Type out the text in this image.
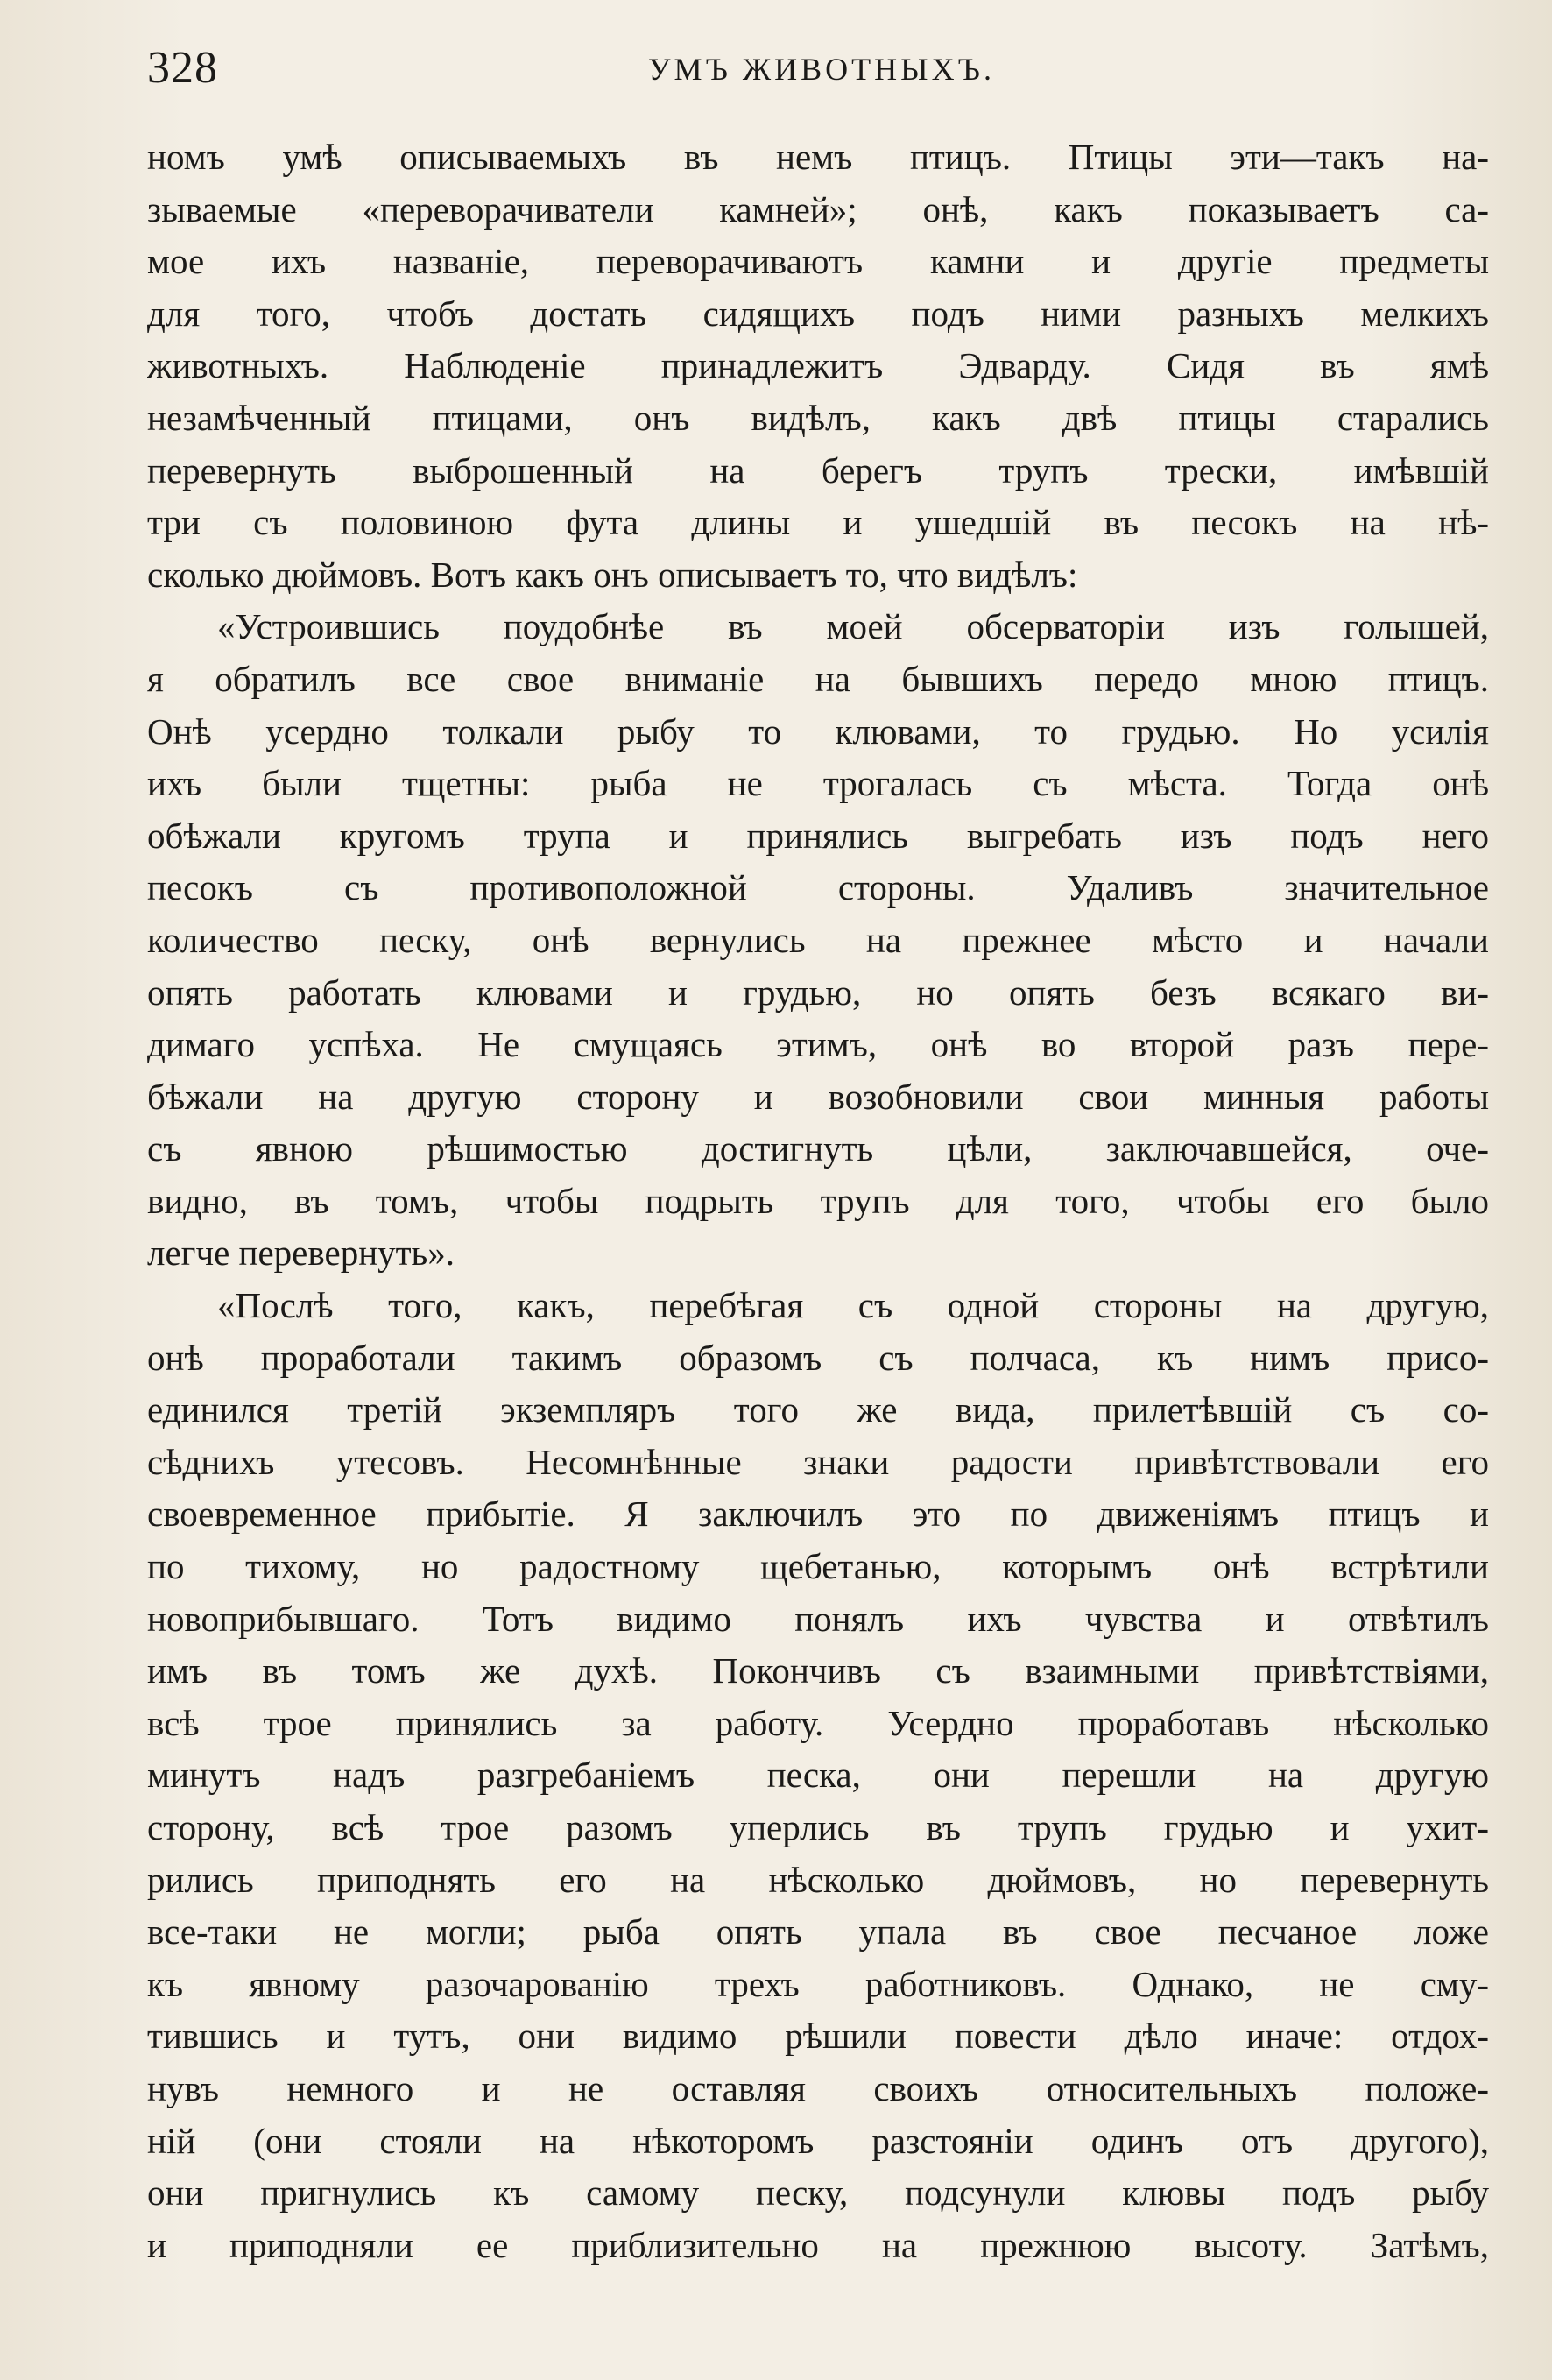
328	УМЪ ЖИВОТНЫХЪ.
номъ умѣ описываемыхъ въ немъ птицъ. Птицы эти—такъ на-
зываемые «переворачиватели камней»; онѣ, какъ показываетъ са-
мое ихъ названіе, переворачиваютъ камни и другіе предметы
для того, чтобъ достать сидящихъ подъ ними разныхъ мелкихъ
животныхъ. Наблюденіе принадлежитъ Эдварду. Сидя въ ямѣ
незамѣченный птицами, онъ видѣлъ, какъ двѣ птицы старались
перевернуть выброшенный на берегъ трупъ трески, имѣвшій
три съ половиною фута длины и ушедшій въ песокъ на нѣ-
сколько дюймовъ. Вотъ какъ онъ описываетъ то, что видѣлъ:
«Устроившись поудобнѣе въ моей обсерваторіи изъ голышей,
я обратилъ все свое вниманіе на бывшихъ передо мною птицъ.
Онѣ усердно толкали рыбу то клювами, то грудью. Но усилія
ихъ были тщетны: рыба не трогалась съ мѣста. Тогда онѣ
обѣжали кругомъ трупа и принялись выгребать изъ подъ него
песокъ съ противоположной стороны. Удаливъ значительное
количество песку, онѣ вернулись на прежнее мѣсто и начали
опять работать клювами и грудью, но опять безъ всякаго ви-
димаго успѣха. Не смущаясь этимъ, онѣ во второй разъ пере-
бѣжали на другую сторону и возобновили свои минныя работы
съ явною рѣшимостью достигнуть цѣли, заключавшейся, оче-
видно, въ томъ, чтобы подрыть трупъ для того, чтобы его было
легче перевернуть».
«Послѣ того, какъ, перебѣгая съ одной стороны на другую,
онѣ проработали такимъ образомъ съ полчаса, къ нимъ присо-
единился третій экземпляръ того же вида, прилетѣвшій съ со-
сѣднихъ утесовъ. Несомнѣнные знаки радости привѣтствовали его
своевременное прибытіе. Я заключилъ это по движеніямъ птицъ и
по тихому, но радостному щебетанью, которымъ онѣ встрѣтили
новоприбывшаго. Тотъ видимо понялъ ихъ чувства и отвѣтилъ
имъ въ томъ же духѣ. Покончивъ съ взаимными привѣтствіями,
всѣ трое принялись за работу. Усердно проработавъ нѣсколько
минутъ надъ разгребаніемъ песка, они перешли на другую
сторону, всѣ трое разомъ уперлись въ трупъ грудью и ухит-
рились приподнять его на нѣсколько дюймовъ, но перевернуть
все-таки не могли; рыба опять упала въ свое песчаное ложе
къ явному разочарованію трехъ работниковъ. Однако, не сму-
тившись и тутъ, они видимо рѣшили повести дѣло иначе: отдох-
нувъ немного и не оставляя своихъ относительныхъ положе-
ній (они стояли на нѣкоторомъ разстояніи одинъ отъ другого),
они пригнулись къ самому песку, подсунули клювы подъ рыбу
и приподняли ее приблизительно на прежнюю высоту. Затѣмъ,
